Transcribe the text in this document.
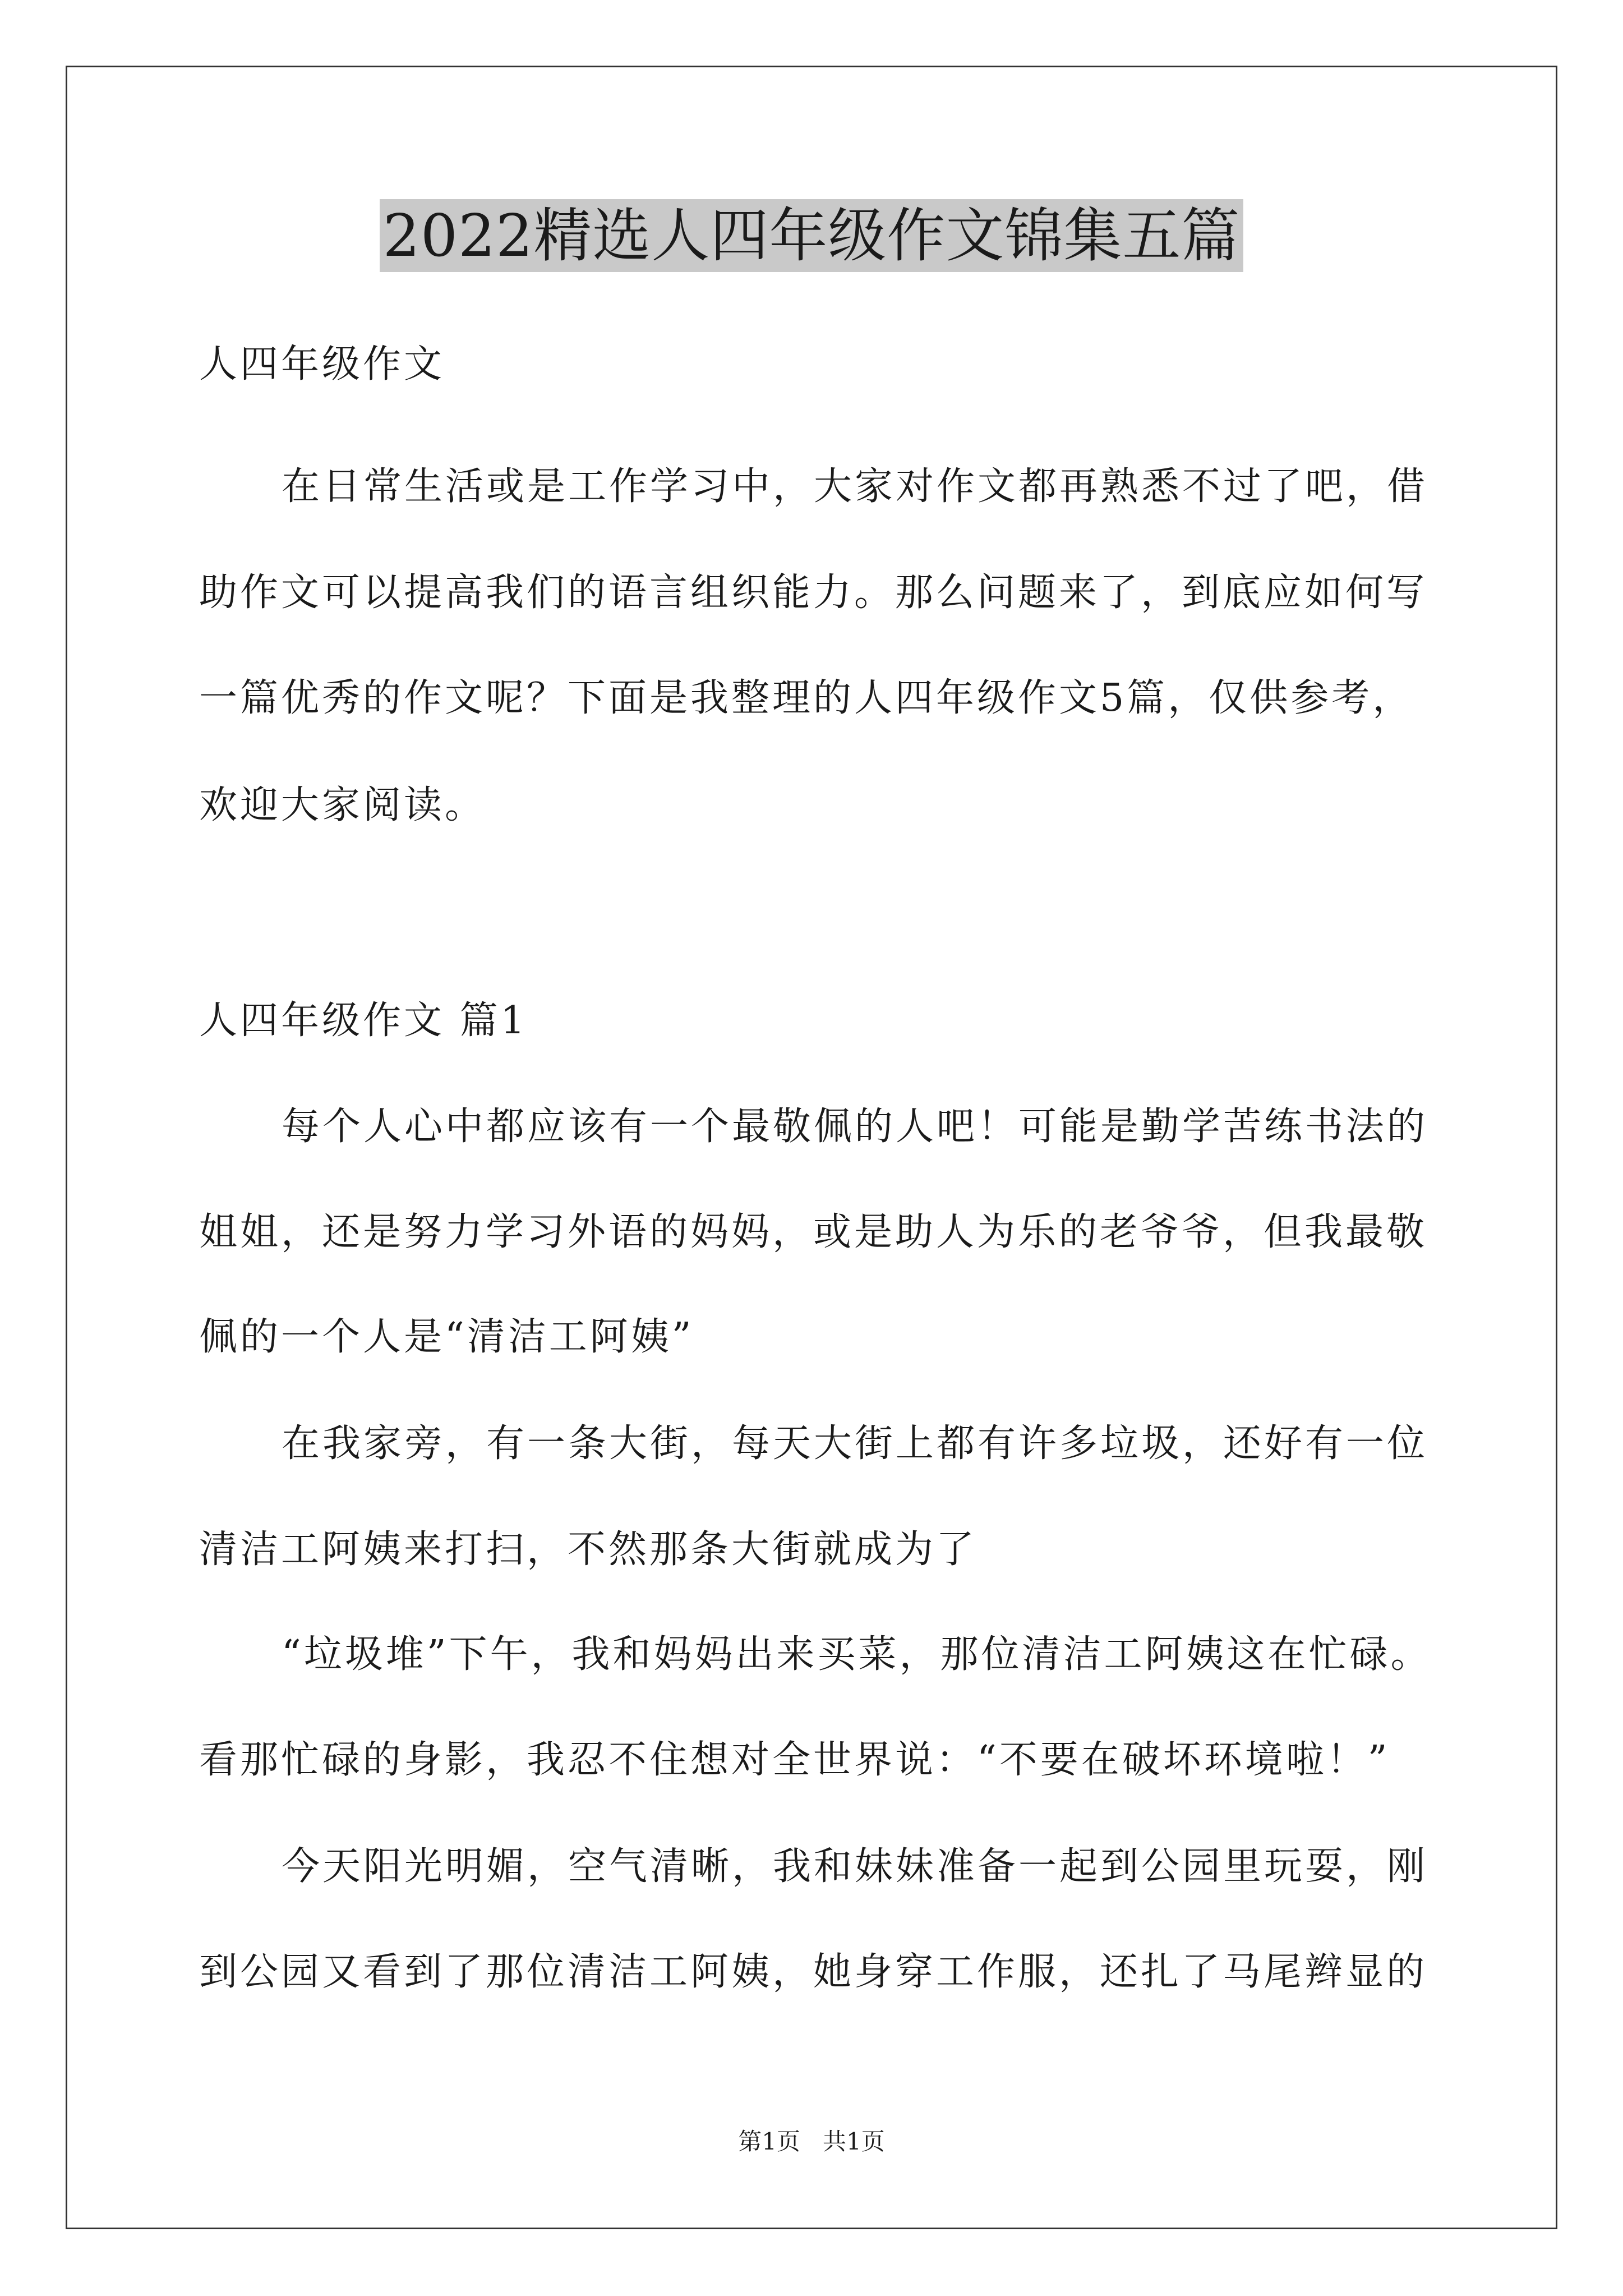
2022精选人四年级作文锦集五篇
人四年级作文
在日常生活或是工作学习中，大家对作文都再熟悉不过了吧，借
助作文可以提高我们的语言组织能力。那么问题来了，到底应如何写
一篇优秀的作文呢？下面是我整理的人四年级作文5篇，仅供参考，
欢迎大家阅读。
人四年级作文 篇1
每个人心中都应该有一个最敬佩的人吧！可能是勤学苦练书法的
姐姐，还是努力学习外语的妈妈，或是助人为乐的老爷爷，但我最敬
佩的一个人是“清洁工阿姨”
在我家旁，有一条大街，每天大街上都有许多垃圾，还好有一位
清洁工阿姨来打扫，不然那条大街就成为了
“垃圾堆”下午，我和妈妈出来买菜，那位清洁工阿姨这在忙碌。
看那忙碌的身影，我忍不住想对全世界说：“不要在破坏环境啦！”
今天阳光明媚，空气清晰，我和妹妹准备一起到公园里玩耍，刚
到公园又看到了那位清洁工阿姨，她身穿工作服，还扎了马尾辫显的
第1页 共1页
